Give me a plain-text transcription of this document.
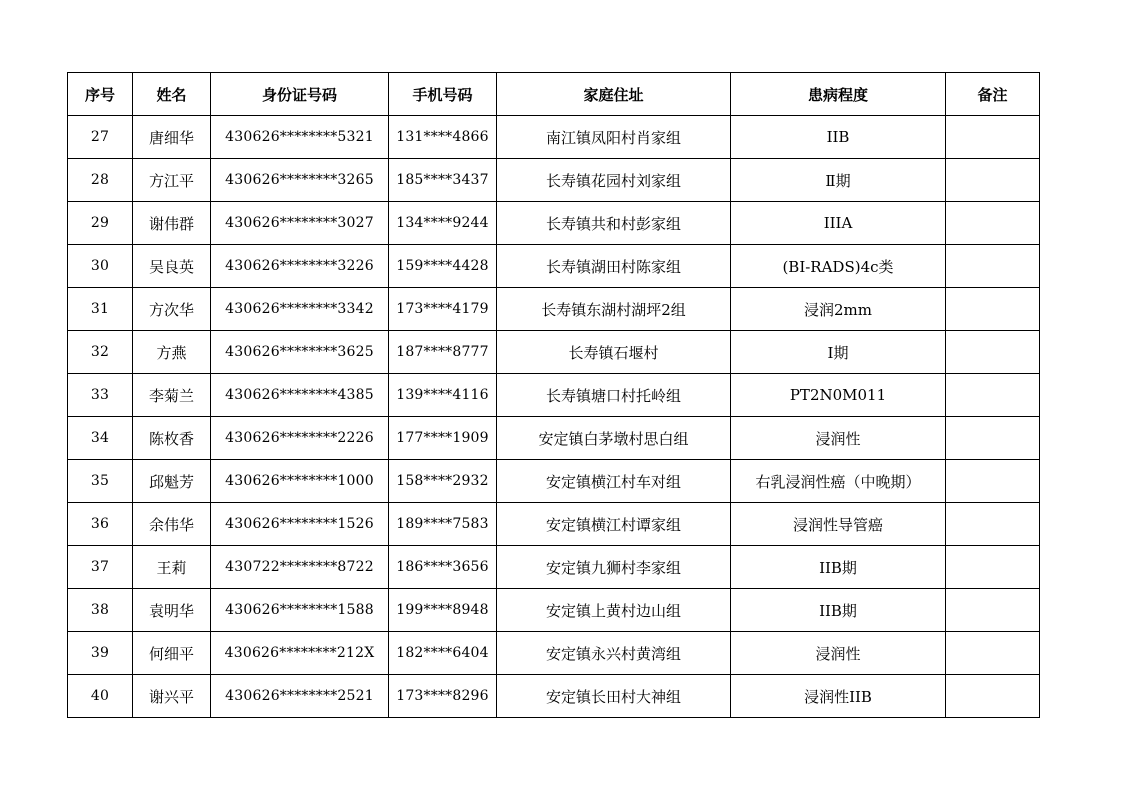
序号	姓名	身份证号码	手机号码	家庭住址	患病程度	备注
27	唐细华	430626********5321	131****4866	南江镇凤阳村肖家组	IIB	
28	方江平	430626********3265	185****3437	长寿镇花园村刘家组	Ⅱ期	
29	谢伟群	430626********3027	134****9244	长寿镇共和村彭家组	IIIA	
30	吴良英	430626********3226	159****4428	长寿镇湖田村陈家组	(BI-RADS)4c类	
31	方次华	430626********3342	173****4179	长寿镇东湖村湖坪2组	浸润2mm	
32	方燕	430626********3625	187****8777	长寿镇石堰村	Ⅰ期	
33	李菊兰	430626********4385	139****4116	长寿镇塘口村托岭组	PT2N0M011	
34	陈枚香	430626********2226	177****1909	安定镇白茅墩村思白组	浸润性	
35	邱魁芳	430626********1000	158****2932	安定镇横江村车对组	右乳浸润性癌（中晚期）	
36	余伟华	430626********1526	189****7583	安定镇横江村谭家组	浸润性导管癌	
37	王莉	430722********8722	186****3656	安定镇九狮村李家组	IIB期	
38	袁明华	430626********1588	199****8948	安定镇上黄村边山组	IIB期	
39	何细平	430626********212X	182****6404	安定镇永兴村黄湾组	浸润性	
40	谢兴平	430626********2521	173****8296	安定镇长田村大神组	浸润性IIB	
